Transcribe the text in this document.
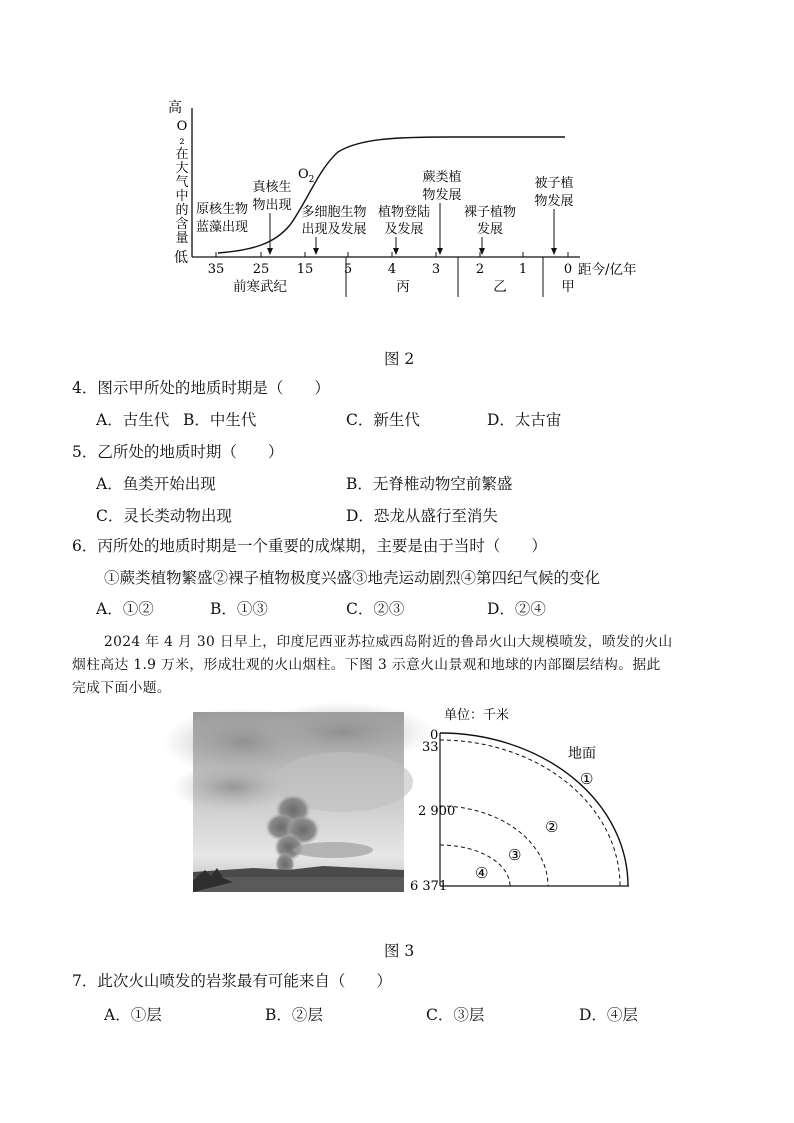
高
低
O
₂
在
大
气
中
的
含
量
35 25 15 5	4	3	2	1	0 距今/亿年
前寒武纪	丙	乙	甲
$O_2$
原核生物
蓝藻出现
真核生
物出现 多细胞生物
出现及发展
植物登陆
及发展
蕨类植
物发展
裸子植物
发展
被子植
物发展
图 2
4．图示甲所处的地质时期是（　　）
A．古生代 B．中生代	C．新生代	D．太古宙
5．乙所处的地质时期（　　）
A．鱼类开始出现	B．无脊椎动物空前繁盛
C．灵长类动物出现	D．恐龙从盛行至消失
6．丙所处的地质时期是一个重要的成煤期，主要是由于当时（　　）
①蕨类植物繁盛②裸子植物极度兴盛③地壳运动剧烈④第四纪气候的变化
A．①②	B．①③	C．②③	D．②④
2024 年 4 月 30 日早上，印度尼西亚苏拉威西岛附近的鲁昂火山大规模喷发，喷发的火山
烟柱高达 1.9 万米，形成壮观的火山烟柱。下图 3 示意火山景观和地球的内部圈层结构。据此
完成下面小题。
单位：千米
0
33
2 900
6 371
地面
①
②
③
④
图 3
7．此次火山喷发的岩浆最有可能来自（　　）
A．①层	B．②层	C．③层	D．④层
